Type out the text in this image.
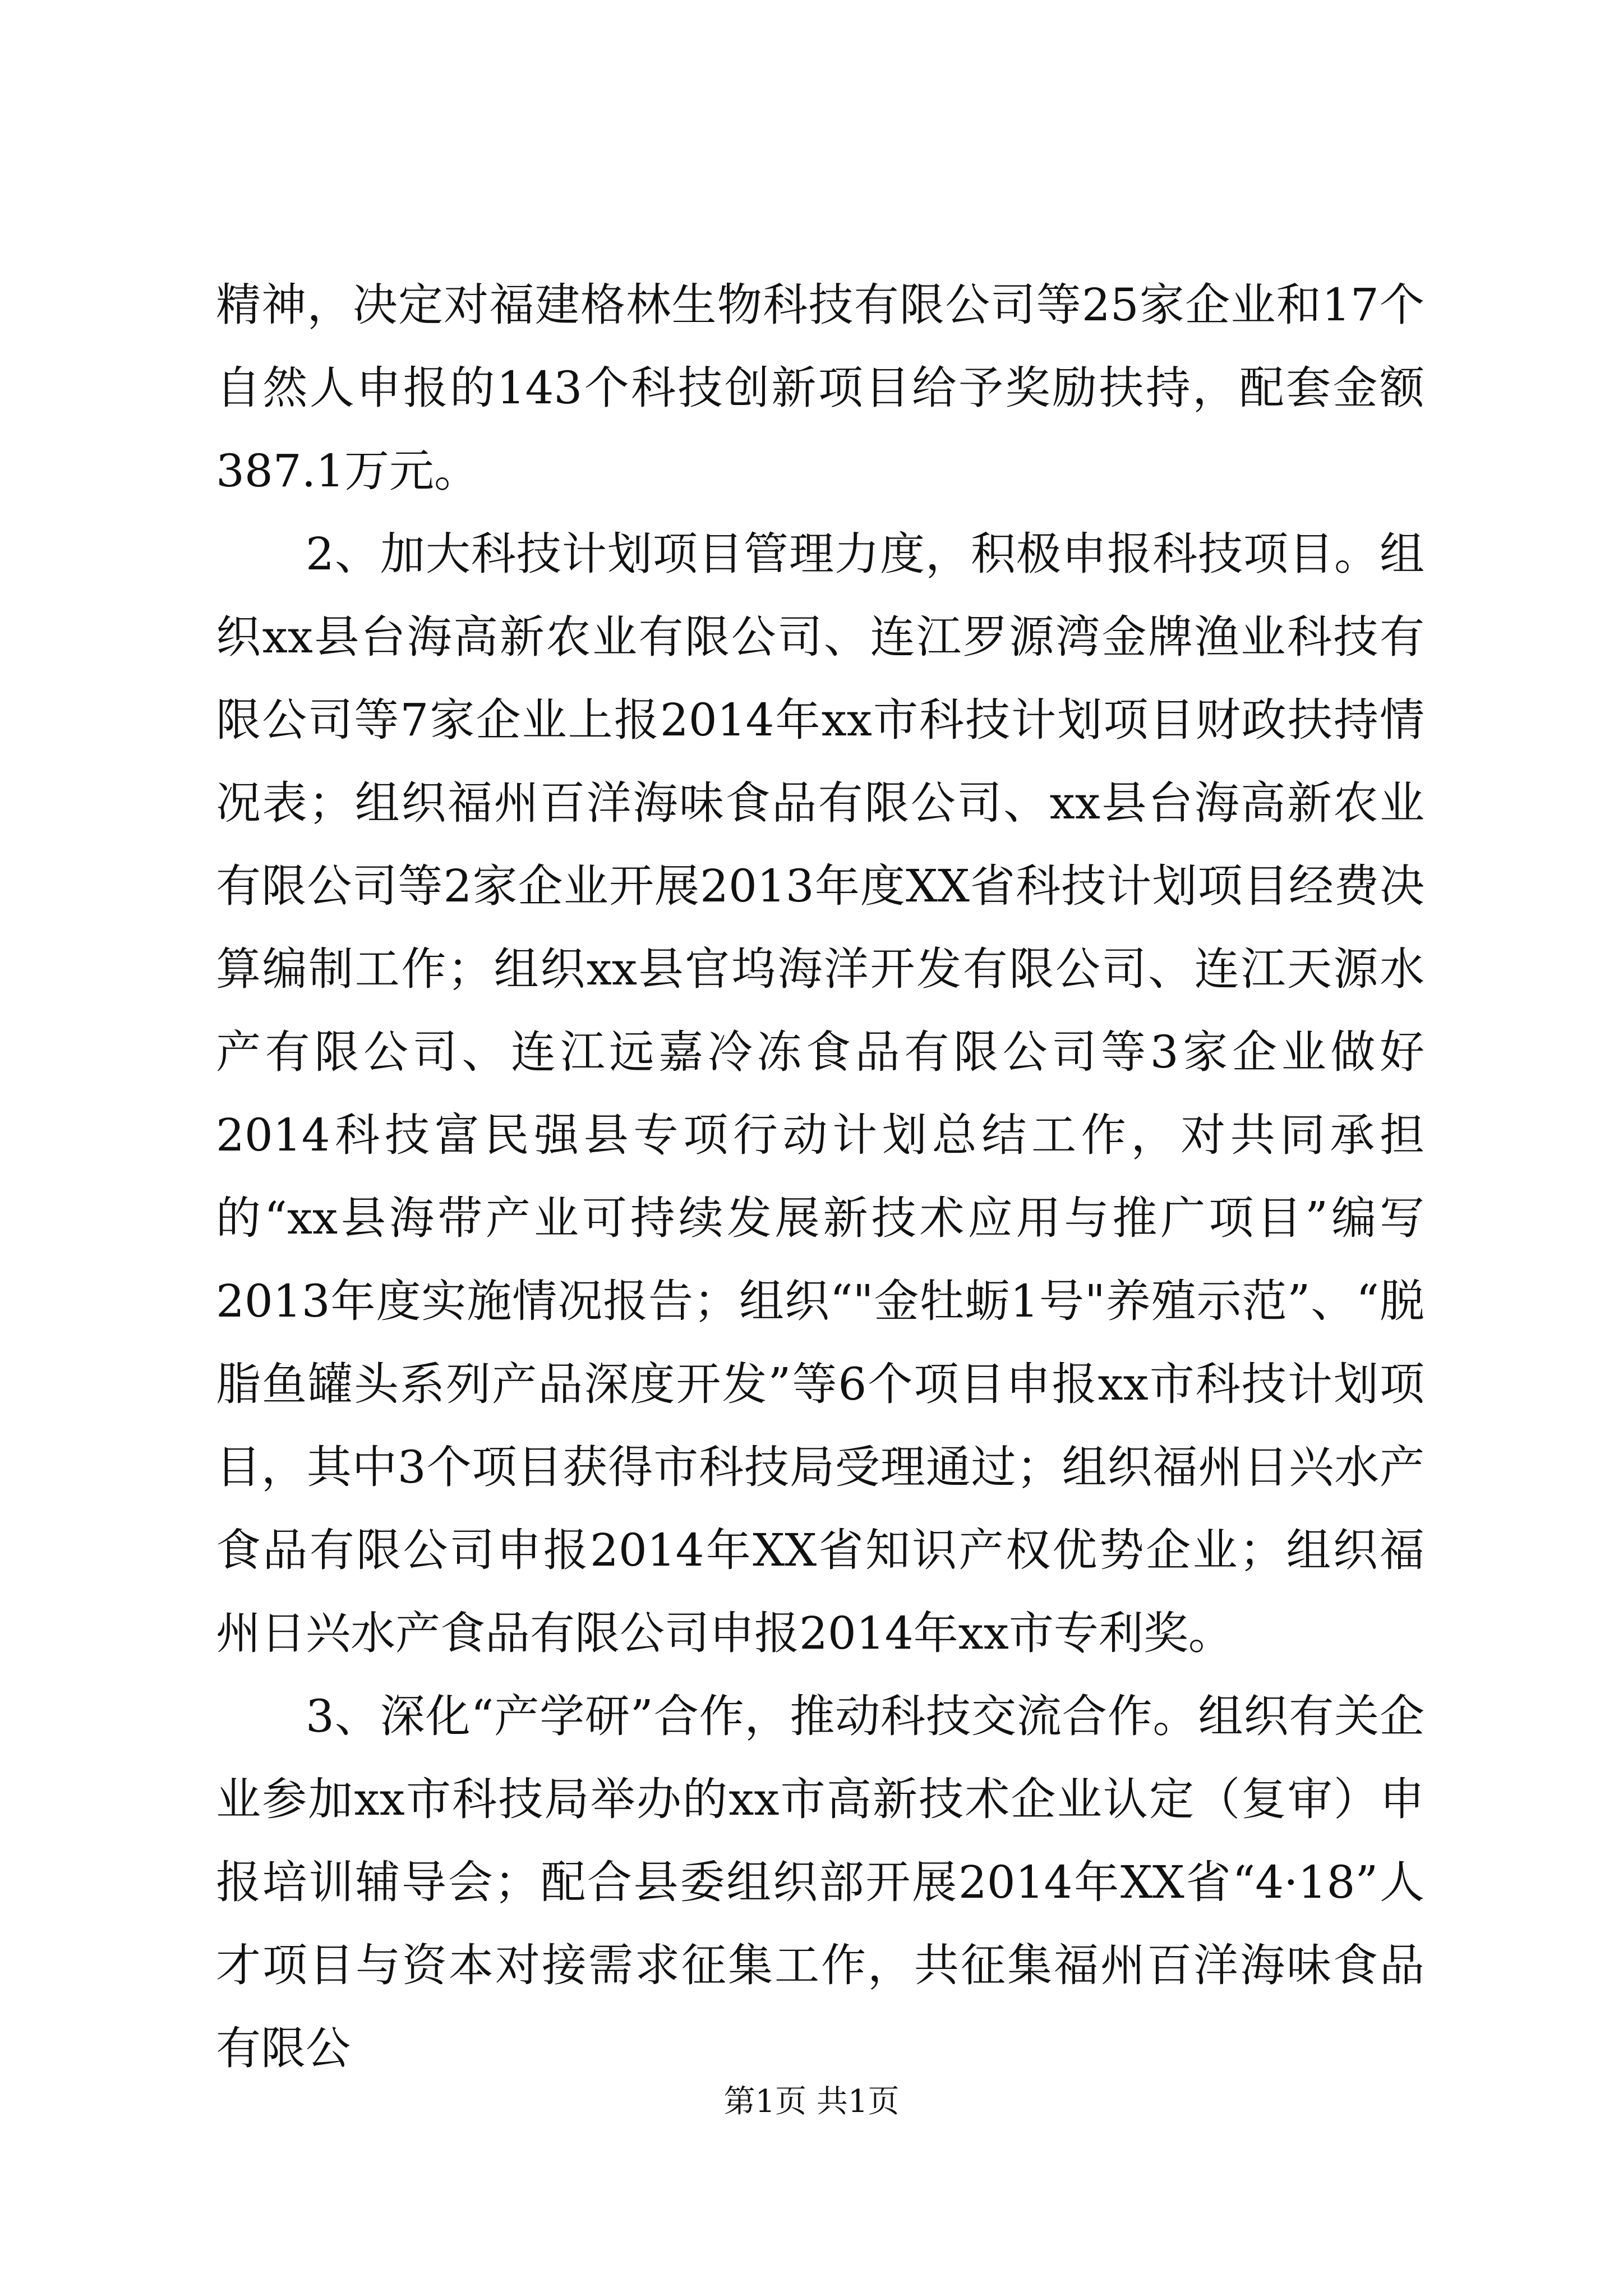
精神，决定对福建格林生物科技有限公司等25家企业和17个自然人申报的143个科技创新项目给予奖励扶持，配套金额387.1万元。

2、加大科技计划项目管理力度，积极申报科技项目。组织xx县台海高新农业有限公司、连江罗源湾金牌渔业科技有限公司等7家企业上报2014年xx市科技计划项目财政扶持情况表；组织福州百洋海味食品有限公司、xx县台海高新农业有限公司等2家企业开展2013年度XX省科技计划项目经费决算编制工作；组织xx县官坞海洋开发有限公司、连江天源水产有限公司、连江远嘉冷冻食品有限公司等3家企业做好2014科技富民强县专项行动计划总结工作，对共同承担的“xx县海带产业可持续发展新技术应用与推广项目”编写2013年度实施情况报告；组织“"金牡蛎1号"养殖示范”、“脱脂鱼罐头系列产品深度开发”等6个项目申报xx市科技计划项目，其中3个项目获得市科技局受理通过；组织福州日兴水产食品有限公司申报2014年XX省知识产权优势企业；组织福州日兴水产食品有限公司申报2014年xx市专利奖。

3、深化“产学研”合作，推动科技交流合作。组织有关企业参加xx市科技局举办的xx市高新技术企业认定（复审）申报培训辅导会；配合县委组织部开展2014年XX省“4·18”人才项目与资本对接需求征集工作，共征集福州百洋海味食品有限公

第1页 共1页
